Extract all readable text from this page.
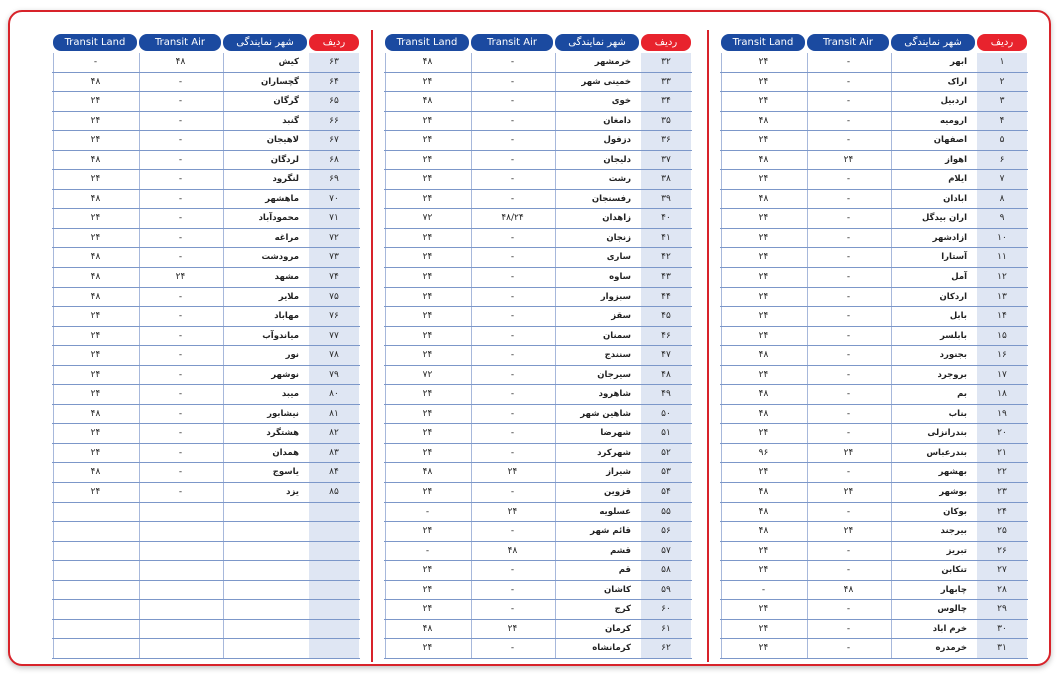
ردیف
شهر نمایندگی
Transit Air
Transit Land
۱
ابهر
-
۲۴
۲
اراک
-
۲۴
۳
اردبیل
-
۲۴
۴
ارومیه
-
۴۸
۵
اصفهان
-
۲۴
۶
اهواز
۲۴
۴۸
۷
ایلام
-
۲۴
۸
ابادان
-
۴۸
۹
اران بیدگل
-
۲۴
۱۰
ازادشهر
-
۲۴
۱۱
آستارا
-
۲۴
۱۲
آمل
-
۲۴
۱۳
اردکان
-
۲۴
۱۴
بابل
-
۲۴
۱۵
بابلسر
-
۲۴
۱۶
بجنورد
-
۴۸
۱۷
بروجرد
-
۲۴
۱۸
بم
-
۴۸
۱۹
بناب
-
۴۸
۲۰
بندرانزلی
-
۲۴
۲۱
بندرعباس
۲۴
۹۶
۲۲
بهشهر
-
۲۴
۲۳
بوشهر
۲۴
۴۸
۲۴
بوکان
-
۴۸
۲۵
بیرجند
۲۴
۴۸
۲۶
تبریز
-
۲۴
۲۷
تنکابن
-
۲۴
۲۸
چابهار
۴۸
-
۲۹
چالوس
-
۲۴
۳۰
خرم اباد
-
۲۴
۳۱
خرمدره
-
۲۴
ردیف
شهر نمایندگی
Transit Air
Transit Land
۳۲
خرمشهر
-
۴۸
۳۳
خمینی شهر
-
۲۴
۳۴
خوی
-
۴۸
۳۵
دامغان
-
۲۴
۳۶
دزفول
-
۲۴
۳۷
دلیجان
-
۲۴
۳۸
رشت
-
۲۴
۳۹
رفسنجان
-
۲۴
۴۰
زاهدان
۴۸/۲۴
۷۲
۴۱
زنجان
-
۲۴
۴۲
ساری
-
۲۴
۴۳
ساوه
-
۲۴
۴۴
سبزوار
-
۲۴
۴۵
سقز
-
۲۴
۴۶
سمنان
-
۲۴
۴۷
سنندج
-
۲۴
۴۸
سیرجان
-
۷۲
۴۹
شاهرود
-
۲۴
۵۰
شاهین شهر
-
۲۴
۵۱
شهرضا
-
۲۴
۵۲
شهرکرد
-
۲۴
۵۳
شیراز
۲۴
۴۸
۵۴
قزوین
-
۲۴
۵۵
عسلویه
۲۴
-
۵۶
قائم شهر
-
۲۴
۵۷
قشم
۴۸
-
۵۸
قم
-
۲۴
۵۹
کاشان
-
۲۴
۶۰
کرج
-
۲۴
۶۱
کرمان
۲۴
۴۸
۶۲
کرمانشاه
-
۲۴
ردیف
شهر نمایندگی
Transit Air
Transit Land
۶۳
کیش
۴۸
-
۶۴
گچساران
-
۴۸
۶۵
گرگان
-
۲۴
۶۶
گنبد
-
۲۴
۶۷
لاهیجان
-
۲۴
۶۸
لردگان
-
۴۸
۶۹
لنگرود
-
۲۴
۷۰
ماهشهر
-
۴۸
۷۱
محمودآباد
-
۲۴
۷۲
مراغه
-
۲۴
۷۳
مرودشت
-
۴۸
۷۴
مشهد
۲۴
۴۸
۷۵
ملایر
-
۴۸
۷۶
مهاباد
-
۲۴
۷۷
میاندوآب
-
۲۴
۷۸
نور
-
۲۴
۷۹
نوشهر
-
۲۴
۸۰
میبد
-
۲۴
۸۱
نیشابور
-
۴۸
۸۲
هشتگرد
-
۲۴
۸۳
همدان
-
۲۴
۸۴
یاسوج
-
۴۸
۸۵
یزد
-
۲۴
